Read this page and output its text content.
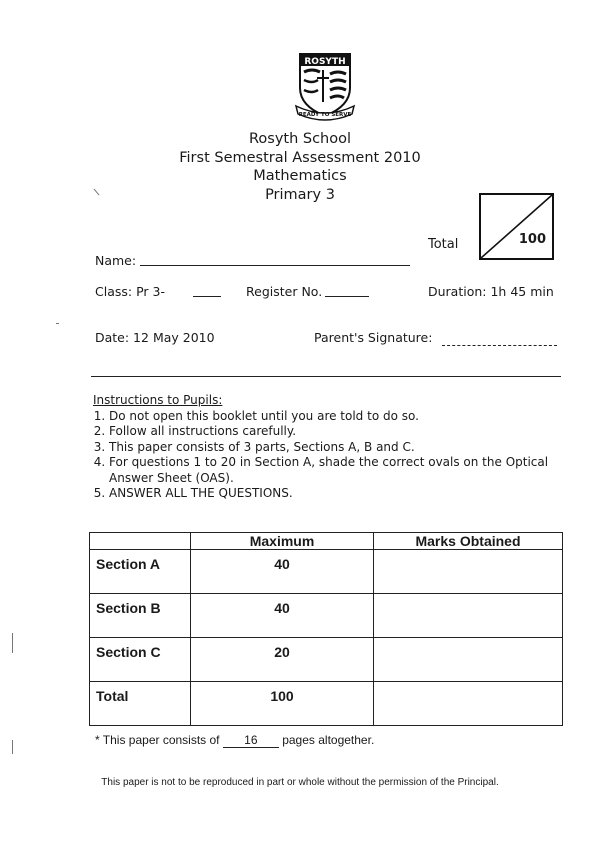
ROSYTH
READY TO SERVE
Rosyth School
First Semestral Assessment 2010
Mathematics
Primary 3
Total	100
Name:
Class: Pr 3-	Register No.	Duration: 1h 45 min
Date: 12 May 2010	Parent's Signature:
Instructions to Pupils:
1. Do not open this booklet until you are told to do so.
2. Follow all instructions carefully.
3. This paper consists of 3 parts, Sections A, B and C.
4. For questions 1 to 20 in Section A, shade the correct ovals on the Optical Answer Sheet (OAS).
5. ANSWER ALL THE QUESTIONS.
	Maximum	Marks Obtained
Section A	40	
Section B	40	
Section C	20	
Total	100	
* This paper consists of 16 pages altogether.
This paper is not to be reproduced in part or whole without the permission of the Principal.
